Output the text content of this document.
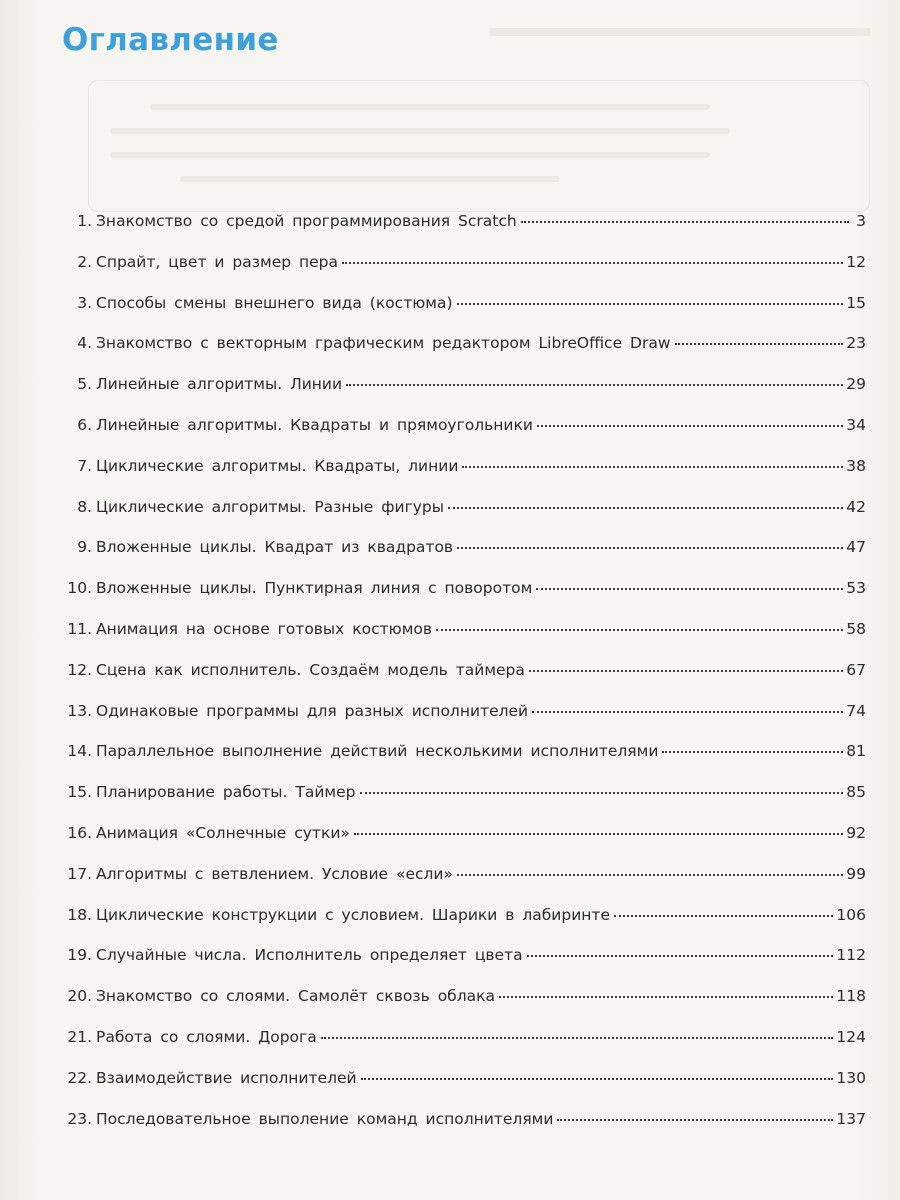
Оглавление
1. Знакомство со средой программирования Scratch	3
2. Спрайт, цвет и размер пера	12
3. Способы смены внешнего вида (костюма)	15
4. Знакомство с векторным графическим редактором LibreOffice Draw	23
5. Линейные алгоритмы. Линии	29
6. Линейные алгоритмы. Квадраты и прямоугольники	34
7. Циклические алгоритмы. Квадраты, линии	38
8. Циклические алгоритмы. Разные фигуры	42
9. Вложенные циклы. Квадрат из квадратов	47
10. Вложенные циклы. Пунктирная линия с поворотом	53
11. Анимация на основе готовых костюмов	58
12. Сцена как исполнитель. Создаём модель таймера	67
13. Одинаковые программы для разных исполнителей	74
14. Параллельное выполнение действий несколькими исполнителями	81
15. Планирование работы. Таймер	85
16. Анимация «Солнечные сутки»	92
17. Алгоритмы с ветвлением. Условие «если»	99
18. Циклические конструкции с условием. Шарики в лабиринте	106
19. Случайные числа. Исполнитель определяет цвета	112
20. Знакомство со слоями. Самолёт сквозь облака	118
21. Работа со слоями. Дорога	124
22. Взаимодействие исполнителей	130
23. Последовательное выполение команд исполнителями	137
